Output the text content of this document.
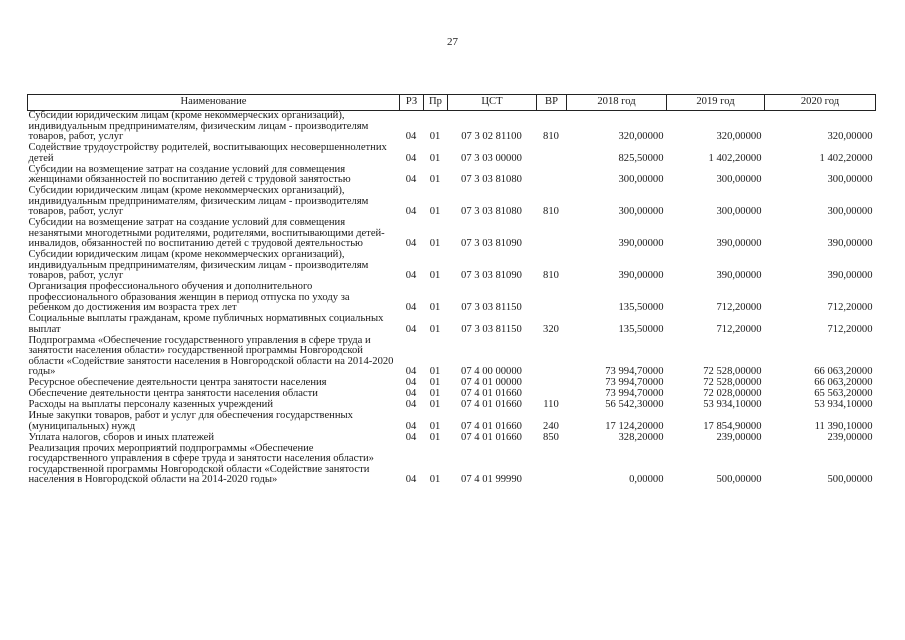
27
Наименование	РЗ	Пр	ЦСТ	ВР	2018 год	2019 год	2020 год
Субсидии юридическим лицам (кроме некоммерческих организаций), индивидуальным предпринимателям, физическим лицам - производителям товаров, работ, услуг	04	01	07 3 02 81100	810	320,00000	320,00000	320,00000
Содействие трудоустройству родителей, воспитывающих несовершеннолетних детей	04	01	07 3 03 00000		825,50000	1 402,20000	1 402,20000
Субсидии на возмещение затрат на создание условий для совмещения женщинами обязанностей по воспитанию детей с трудовой занятостью	04	01	07 3 03 81080		300,00000	300,00000	300,00000
Субсидии юридическим лицам (кроме некоммерческих организаций), индивидуальным предпринимателям, физическим лицам - производителям товаров, работ, услуг	04	01	07 3 03 81080	810	300,00000	300,00000	300,00000
Субсидии на возмещение затрат на создание условий для совмещения незанятыми многодетными родителями, родителями, воспитывающими детей-инвалидов, обязанностей по воспитанию детей с трудовой деятельностью	04	01	07 3 03 81090		390,00000	390,00000	390,00000
Субсидии юридическим лицам (кроме некоммерческих организаций), индивидуальным предпринимателям, физическим лицам - производителям товаров, работ, услуг	04	01	07 3 03 81090	810	390,00000	390,00000	390,00000
Организация профессионального обучения и дополнительного профессионального образования женщин в период отпуска по уходу за ребенком до достижения им возраста трех лет	04	01	07 3 03 81150		135,50000	712,20000	712,20000
Социальные выплаты гражданам, кроме публичных нормативных социальных выплат	04	01	07 3 03 81150	320	135,50000	712,20000	712,20000
Подпрограмма «Обеспечение государственного управления в сфере труда и занятости населения области» государственной программы Новгородской области «Содействие занятости населения в Новгородской области на 2014-2020 годы»	04	01	07 4 00 00000		73 994,70000	72 528,00000	66 063,20000
Ресурсное обеспечение деятельности центра занятости населения	04	01	07 4 01 00000		73 994,70000	72 528,00000	66 063,20000
Обеспечение деятельности центра занятости населения области	04	01	07 4 01 01660		73 994,70000	72 028,00000	65 563,20000
Расходы на выплаты персоналу казенных учреждений	04	01	07 4 01 01660	110	56 542,30000	53 934,10000	53 934,10000
Иные закупки товаров, работ и услуг для обеспечения государственных (муниципальных) нужд	04	01	07 4 01 01660	240	17 124,20000	17 854,90000	11 390,10000
Уплата налогов, сборов и иных платежей	04	01	07 4 01 01660	850	328,20000	239,00000	239,00000
Реализация прочих мероприятий подпрограммы «Обеспечение государственного управления в сфере труда и занятости населения области» государственной программы Новгородской области «Содействие занятости населения в Новгородской области на 2014-2020 годы»	04	01	07 4 01 99990		0,00000	500,00000	500,00000
